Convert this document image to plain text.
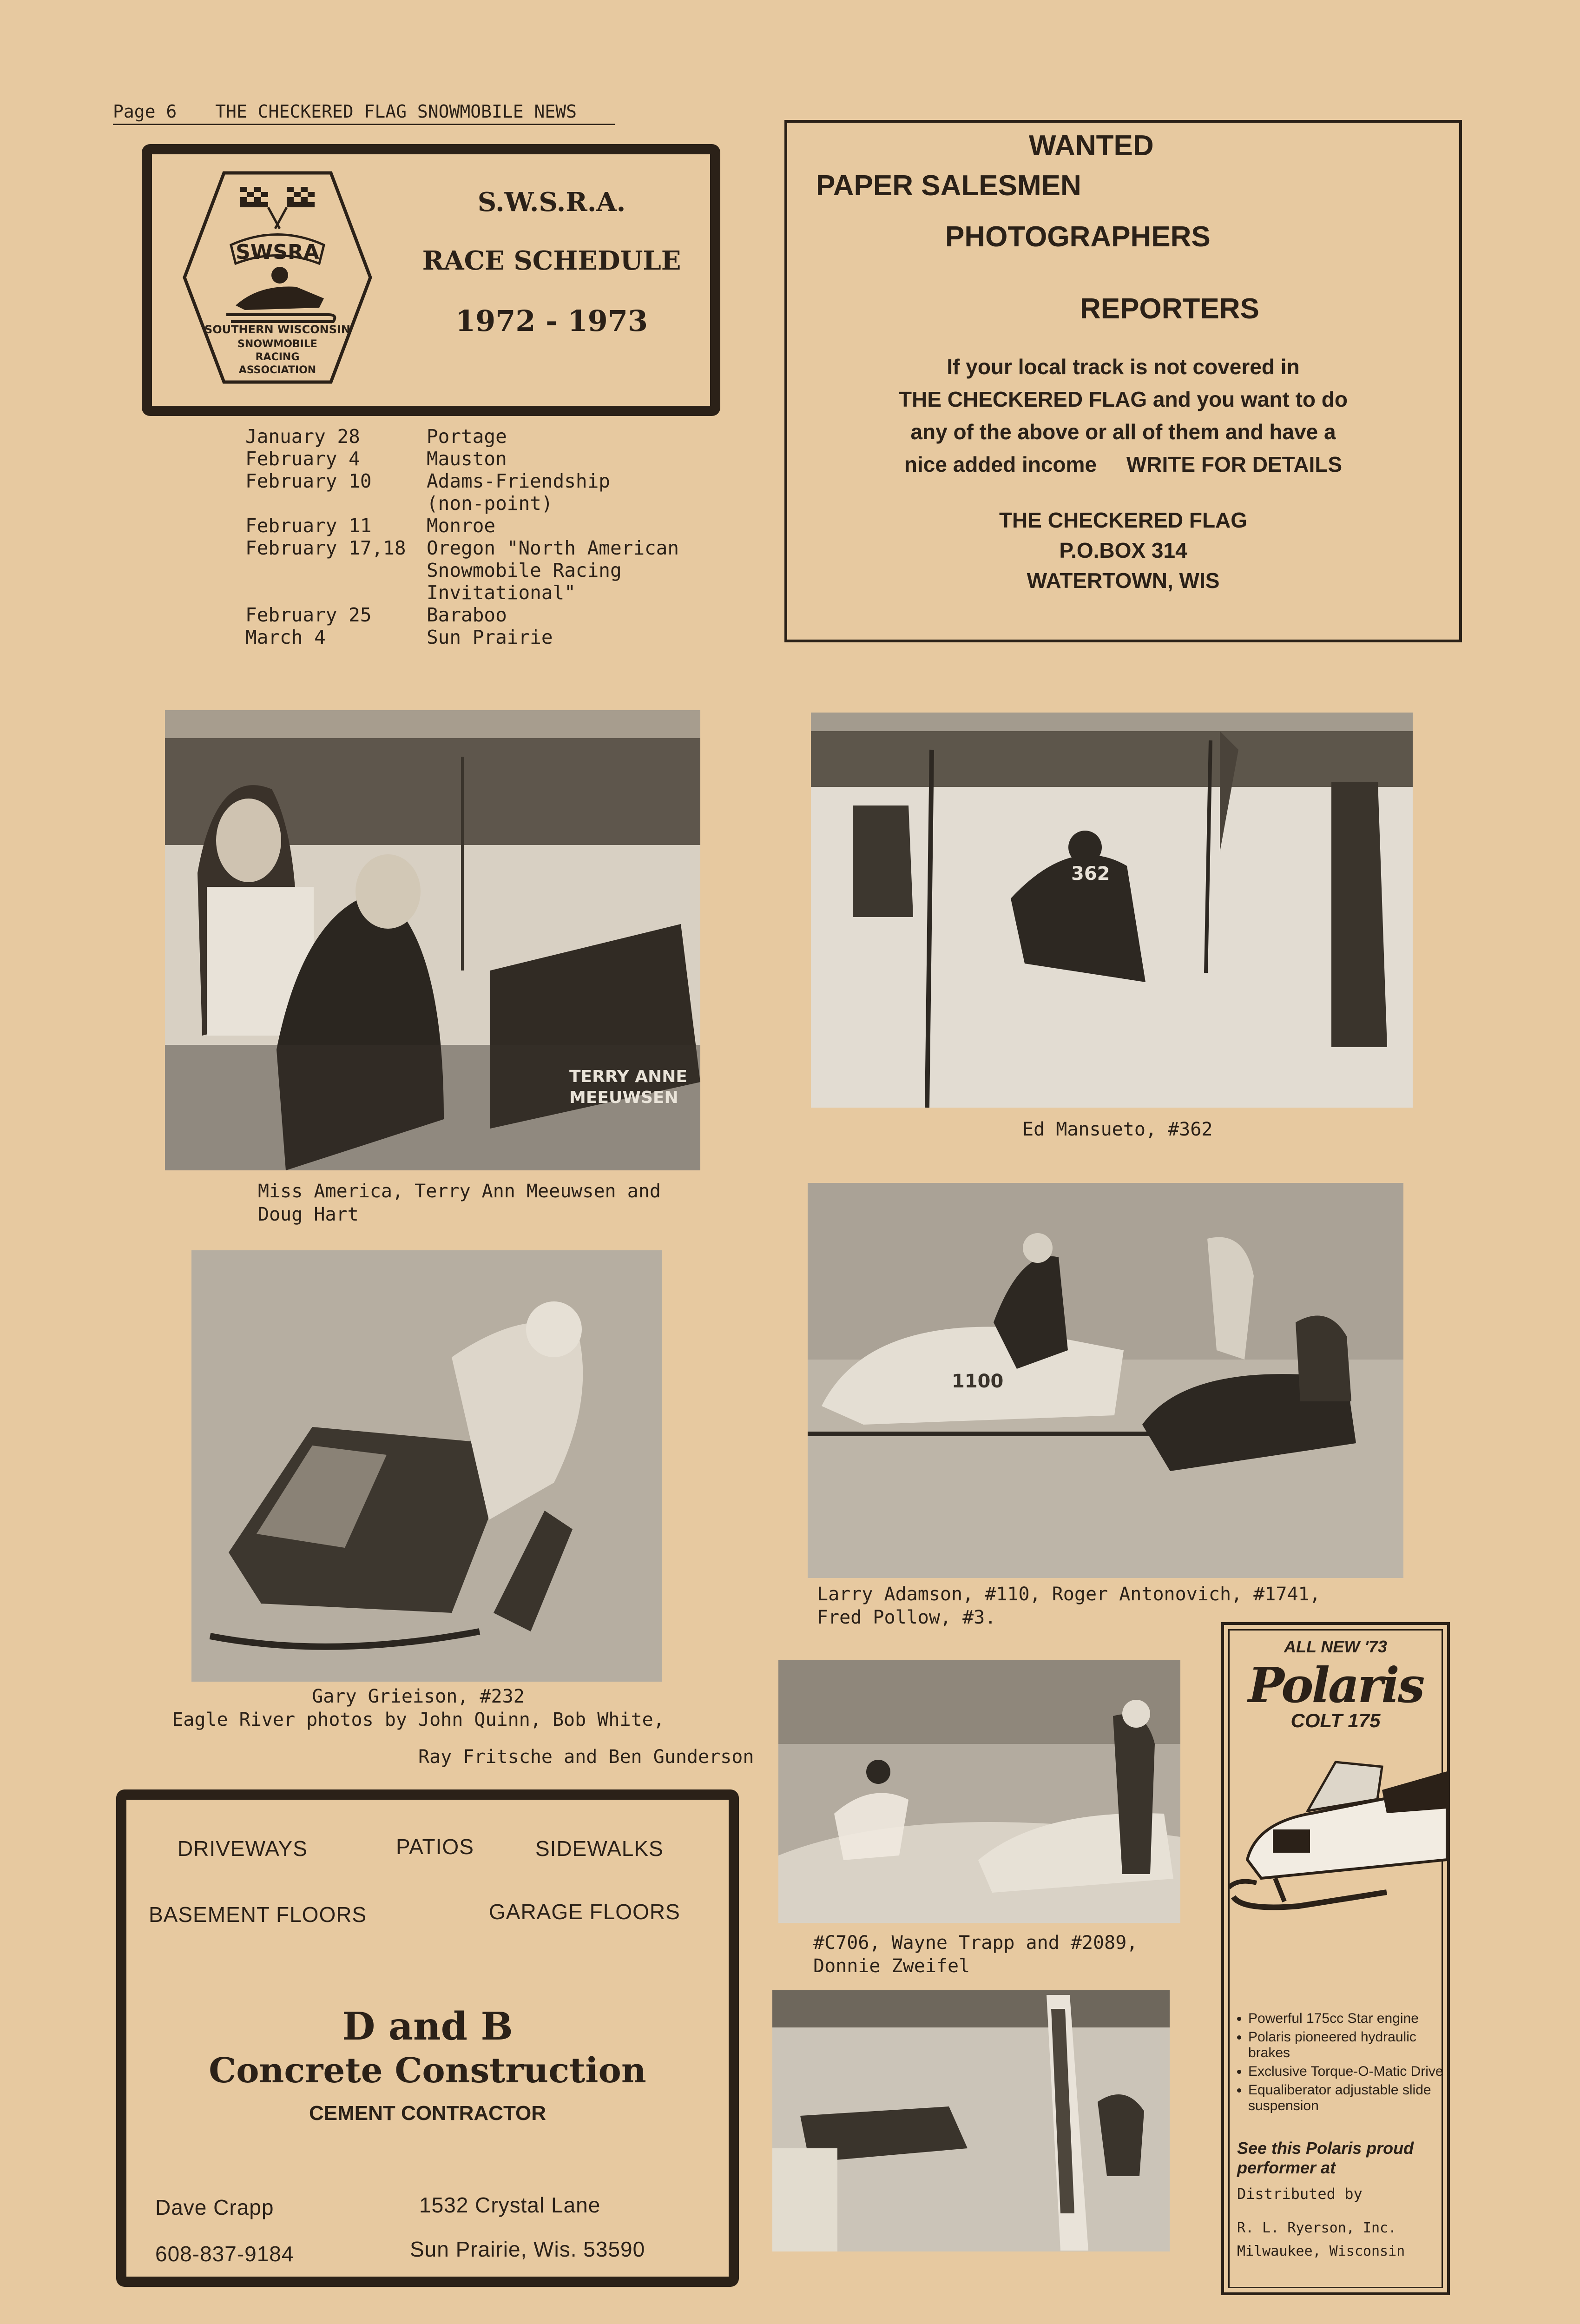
Page 6 THE CHECKERED FLAG SNOWMOBILE NEWS
SWSRA
SOUTHERN WISCONSIN
SNOWMOBILE
RACING
ASSOCIATION
S.W.S.R.A.
RACE SCHEDULE
1972 - 1973
January 28	Portage
February 4	Mauston
February 10	Adams-Friendship
(non-point)
February 11	Monroe
February 17,18	Oregon "North American
Snowmobile Racing
Invitational"
February 25	Baraboo
March 4	Sun Prairie
WANTED
PAPER SALESMEN
PHOTOGRAPHERS
REPORTERS
If your local track is not covered in
THE CHECKERED FLAG and you want to do
any of the above or all of them and have a
nice added income     WRITE FOR DETAILS
THE CHECKERED FLAG
P.O.BOX 314
WATERTOWN, WIS
TERRY ANNE
MEEUWSEN
Miss America, Terry Ann Meeuwsen and
Doug Hart
362
Ed Mansueto, #362
Gary Grieison, #232
Eagle River photos by John Quinn, Bob White,
Ray Fritsche and Ben Gunderson
1100
Larry Adamson, #110, Roger Antonovich, #1741,
Fred Pollow, #3.
#C706, Wayne Trapp and #2089,
Donnie Zweifel
DRIVEWAYS	PATIOS	SIDEWALKS
BASEMENT FLOORS	GARAGE FLOORS
D and B
Concrete Construction
CEMENT CONTRACTOR
Dave Crapp
608-837-9184
1532 Crystal Lane
Sun Prairie, Wis. 53590
ALL NEW '73
Polaris
COLT 175
• Powerful 175cc Star engine
• Polaris pioneered hydraulic brakes
• Exclusive Torque-O-Matic Drive
• Equaliberator adjustable slide suspension
See this Polaris proud performer at
Distributed by
R. L. Ryerson, Inc.
Milwaukee, Wisconsin
